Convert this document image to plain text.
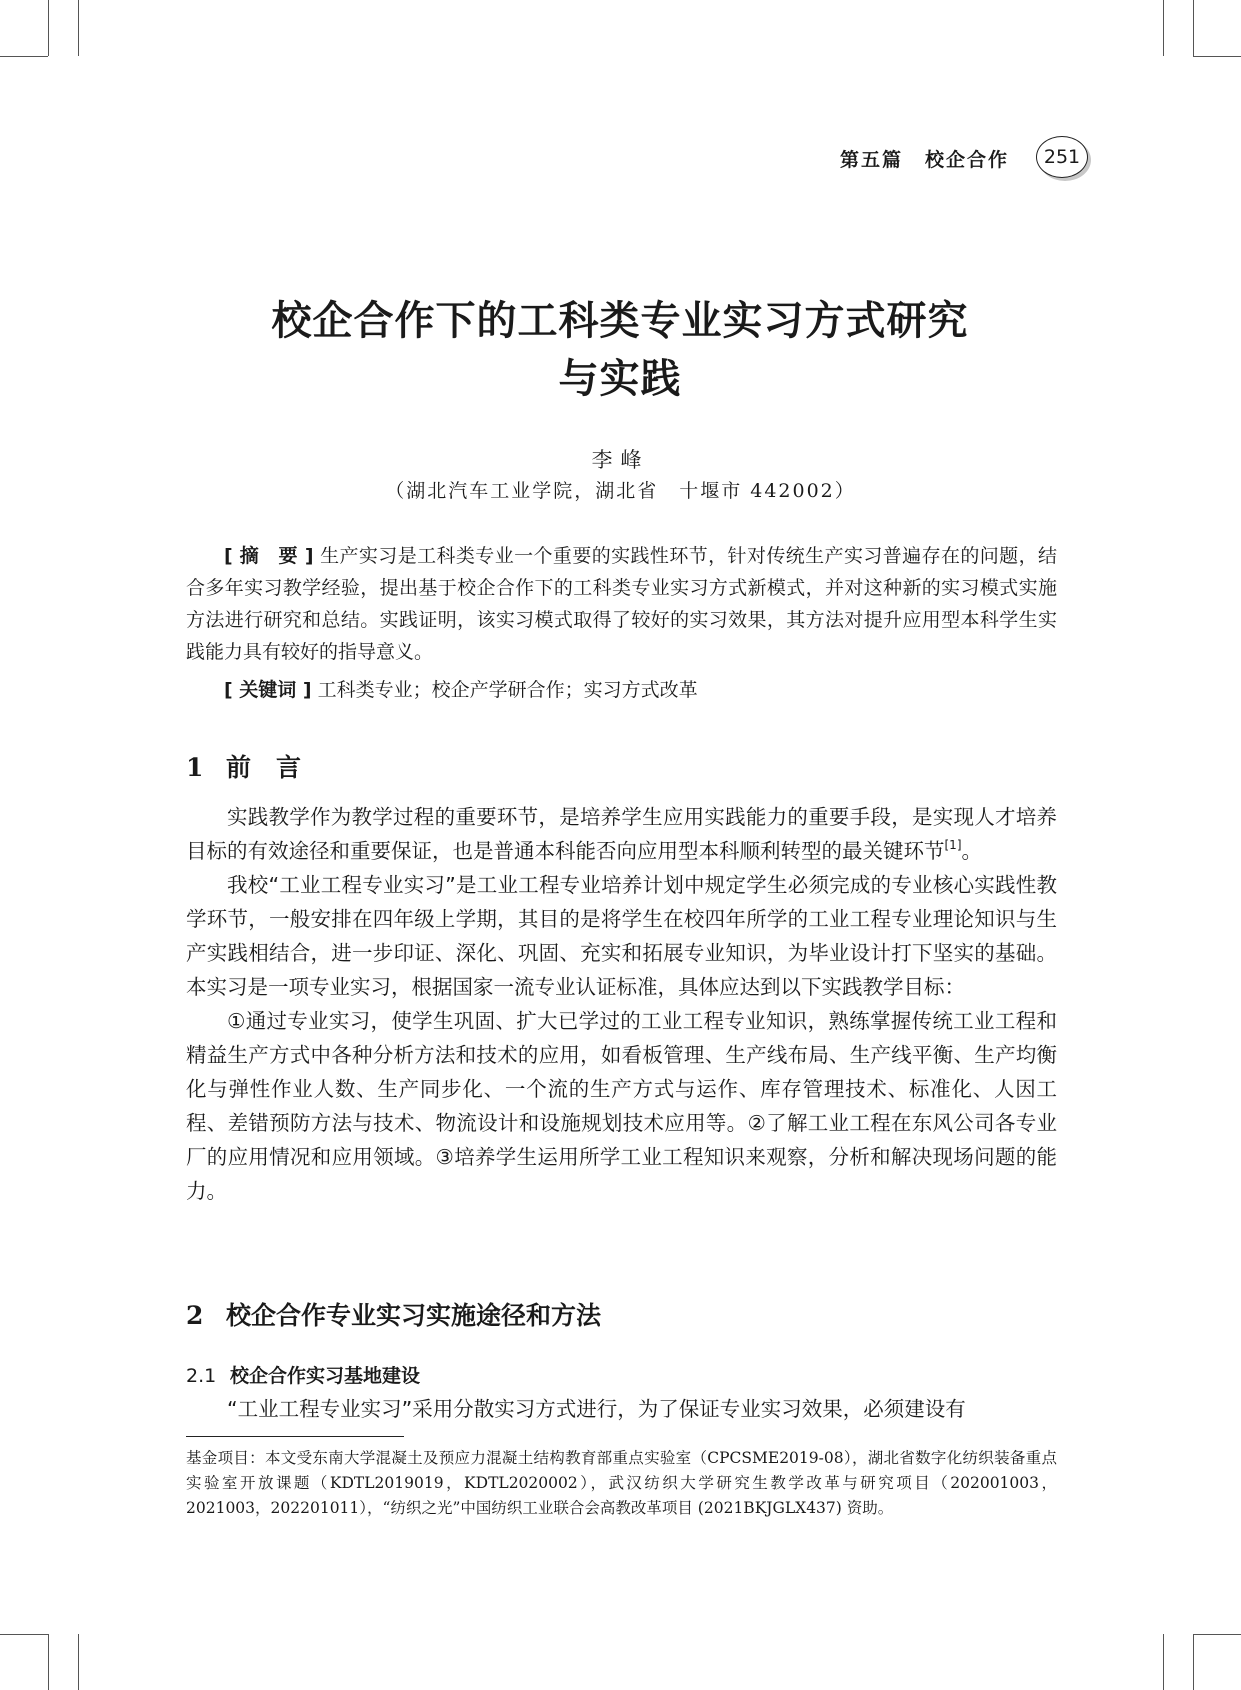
第五篇 校企合作 251
校企合作下的工科类专业实习方式研究
与实践
李峰
（湖北汽车工业学院，湖北省　十堰市 442002）

[ 摘　要 ] 生产实习是工科类专业一个重要的实践性环节，针对传统生产实习普遍存在的问题，结合多年实习教学经验，提出基于校企合作下的工科类专业实习方式新模式，并对这种新的实习模式实施方法进行研究和总结。实践证明，该实习模式取得了较好的实习效果，其方法对提升应用型本科学生实践能力具有较好的指导意义。

[ 关键词 ] 工科类专业；校企产学研合作；实习方式改革

1 前　言

实践教学作为教学过程的重要环节，是培养学生应用实践能力的重要手段，是实现人才培养目标的有效途径和重要保证，也是普通本科能否向应用型本科顺利转型的最关键环节[1]。

我校“工业工程专业实习”是工业工程专业培养计划中规定学生必须完成的专业核心实践性教学环节，一般安排在四年级上学期，其目的是将学生在校四年所学的工业工程专业理论知识与生产实践相结合，进一步印证、深化、巩固、充实和拓展专业知识，为毕业设计打下坚实的基础。本实习是一项专业实习，根据国家一流专业认证标准，具体应达到以下实践教学目标：

①通过专业实习，使学生巩固、扩大已学过的工业工程专业知识，熟练掌握传统工业工程和精益生产方式中各种分析方法和技术的应用，如看板管理、生产线布局、生产线平衡、生产均衡化与弹性作业人数、生产同步化、一个流的生产方式与运作、库存管理技术、标准化、人因工程、差错预防方法与技术、物流设计和设施规划技术应用等。②了解工业工程在东风公司各专业厂的应用情况和应用领域。③培养学生运用所学工业工程知识来观察，分析和解决现场问题的能力。

2 校企合作专业实习实施途径和方法
2.1 校企合作实习基地建设

“工业工程专业实习”采用分散实习方式进行，为了保证专业实习效果，必须建设有

基金项目：本文受东南大学混凝土及预应力混凝土结构教育部重点实验室（CPCSME2019-08），湖北省数字化纺织装备重点实验室开放课题（KDTL2019019，KDTL2020002），武汉纺织大学研究生教学改革与研究项目（202001003，2021003，202201011），“纺织之光”中国纺织工业联合会高教改革项目 (2021BKJGLX437) 资助。
